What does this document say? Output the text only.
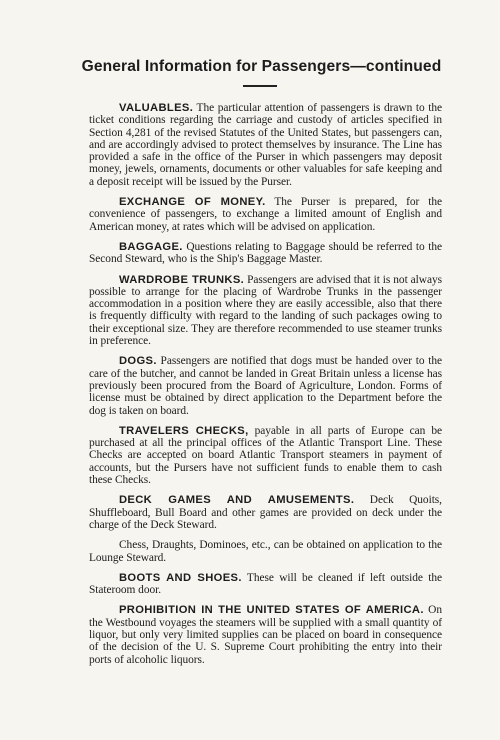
General Information for Passengers—continued

VALUABLES. The particular attention of passengers is drawn to the ticket conditions regarding the carriage and custody of articles specified in Section 4,281 of the revised Statutes of the United States, but passengers can, and are accordingly advised to protect themselves by insurance. The Line has provided a safe in the office of the Purser in which passengers may deposit money, jewels, ornaments, documents or other valuables for safe keeping and a deposit receipt will be issued by the Purser.

EXCHANGE OF MONEY. The Purser is prepared, for the convenience of passengers, to exchange a limited amount of English and American money, at rates which will be advised on application.

BAGGAGE. Questions relating to Baggage should be referred to the Second Steward, who is the Ship's Baggage Master.

WARDROBE TRUNKS. Passengers are advised that it is not always possible to arrange for the placing of Wardrobe Trunks in the passenger accommodation in a position where they are easily accessible, also that there is frequently difficulty with regard to the landing of such packages owing to their exceptional size. They are therefore recommended to use steamer trunks in preference.

DOGS. Passengers are notified that dogs must be handed over to the care of the butcher, and cannot be landed in Great Britain unless a license has previously been procured from the Board of Agriculture, London. Forms of license must be obtained by direct application to the Department before the dog is taken on board.

TRAVELERS CHECKS, payable in all parts of Europe can be purchased at all the principal offices of the Atlantic Transport Line. These Checks are accepted on board Atlantic Transport steamers in payment of accounts, but the Pursers have not sufficient funds to enable them to cash these Checks.

DECK GAMES AND AMUSEMENTS. Deck Quoits, Shuffleboard, Bull Board and other games are provided on deck under the charge of the Deck Steward.

Chess, Draughts, Dominoes, etc., can be obtained on application to the Lounge Steward.

BOOTS AND SHOES. These will be cleaned if left outside the Stateroom door.

PROHIBITION IN THE UNITED STATES OF AMERICA. On the Westbound voyages the steamers will be supplied with a small quantity of liquor, but only very limited supplies can be placed on board in consequence of the decision of the U. S. Supreme Court prohibiting the entry into their ports of alcoholic liquors.
